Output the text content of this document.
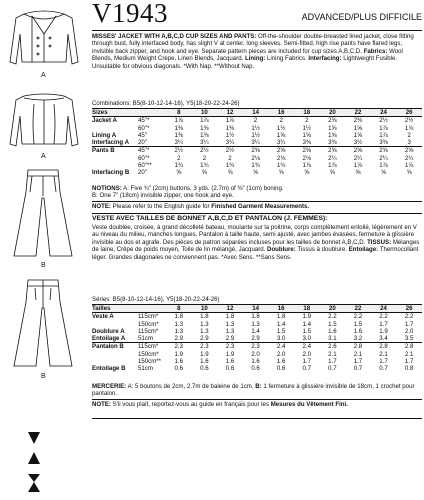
A
A
B
B
V1943	ADVANCED/PLUS DIFFICILE
MISSES' JACKET WITH A,B,C,D CUP SIZES AND PANTS: Off-the-shoulder double-breasted lined jacket, close fitting through bust, fully interfaced body, has slight V at center, long sleeves. Semi-fitted, high rise pants have flared legs, invisible back zipper, and hook and eye. Separate pattern pieces are included for cup sizes A,B,C,D. Fabrics: Wool Blends, Medium Weight Crepe, Linen Blends, Jacquard. Lining: Lining Fabrics. Interfacing: Lightweight Fusible. Unsuitable for obvious diagonals. *With Nap. **Without Nap.
Combinations: B5(8-10-12-14-16), Y5(18-20-22-24-26)
Sizes		8	10	12	14	16	18	20	22	24	26
Jacket A	45"*	1⅞	1⅞	1⅞	2	2	2	2⅜	2⅜	2½	2½
	60"*	1⅜	1⅜	1⅜	1½	1½	1½	1⅝	1⅝	1⅞	1⅞
Lining A	45"	1⅜	1⅜	1½	1½	1⅝	1⅝	1⅝	1⅝	1⅞	2
Interfacing A	20"	3¼	3¼	3¼	3¼	3¼	3⅜	3⅜	3½	3⅜	3
Pants B	45"*	2½	2½	2½	2⅝	2⅝	2⅝	2⅝	2⅝	2⅝	2⅝
	60"*	2	2	2	2⅛	2⅛	2⅛	2¼	2¼	2¼	2¼
	60"**	1¾	1¾	1¾	1¾	1¾	1⅞	1⅞	1⅞	1⅞	1⅞
Interfacing B	20"	⅝	⅝	⅝	⅝	⅝	⅝	⅝	⅝	⅝	⅝
NOTIONS: A: Five ¾" (2cm) buttons, 3 yds. (2.7m) of ⅜" (1cm) boning.
B: One 7" (18cm) invisible zipper, one hook and eye.
NOTE: Please refer to the English guide for Finished Garment Measurements.
VESTE AVEC TAILLES DE BONNET A,B,C,D ET PANTALON (J. FEMMES):
Veste doublée, croisée, à grand décolleté bateau, moulante sur la poitrine, corps complètement entoilé, légèrement en V au niveau du milieu, manches longues. Pantalon à taille haute, semi ajusté, avec jambes évasées, fermeture à glissière invisible au dos et agrafe. Des pièces de patron séparées incluses pour les tailles de bonnet A,B,C,D. TISSUS: Mélanges de laine, Crêpe de poids moyen, Toile de lin mélangé, Jacquard. Doublure: Tissus à doublure. Entoilage: Thermocollant léger. Grandes diagonales ne conviennent pas. *Avec Sens. **Sans Sens.
Séries: B5(8-10-12-14-16), Y5(18-20-22-24-26)
Tailles		8	10	12	14	16	18	20	22	24	26
Veste A	115cm*	1.8	1.8	1.8	1.8	1.8	1.9	2.2	2.2	2.2	2.2
	150cm*	1.3	1.3	1.3	1.3	1.4	1.4	1.5	1.5	1.7	1.7
Doublure A	115cm*	1.3	1.3	1.3	1.4	1.5	1.5	1.6	1.6	1.9	2.0
Entoilage A	51cm	2.9	2.9	2.9	2.9	3.0	3.0	3.1	3.2	3.4	3.5
Pantalon B	115cm*	2.3	2.3	2.3	2.3	2.4	2.4	2.6	2.8	2.8	2.8
	150cm*	1.9	1.9	1.9	2.0	2.0	2.0	2.1	2.1	2.1	2.1
	150cm**	1.6	1.6	1.6	1.6	1.6	1.7	1.7	1.7	1.7	1.7
Entoilage B	51cm	0.6	0.6	0.6	0.6	0.6	0.7	0.7	0.7	0.7	0.8
MERCERIE: A: 5 boutons de 2cm, 2.7m de baleine de 1cm. B: 1 fermeture à glissière invisible de 18cm, 1 crochet pour pantalon.
NOTE: S'il vous plaît, reportez-vous au guide en français pour les Mesures du Vêtement Fini.
